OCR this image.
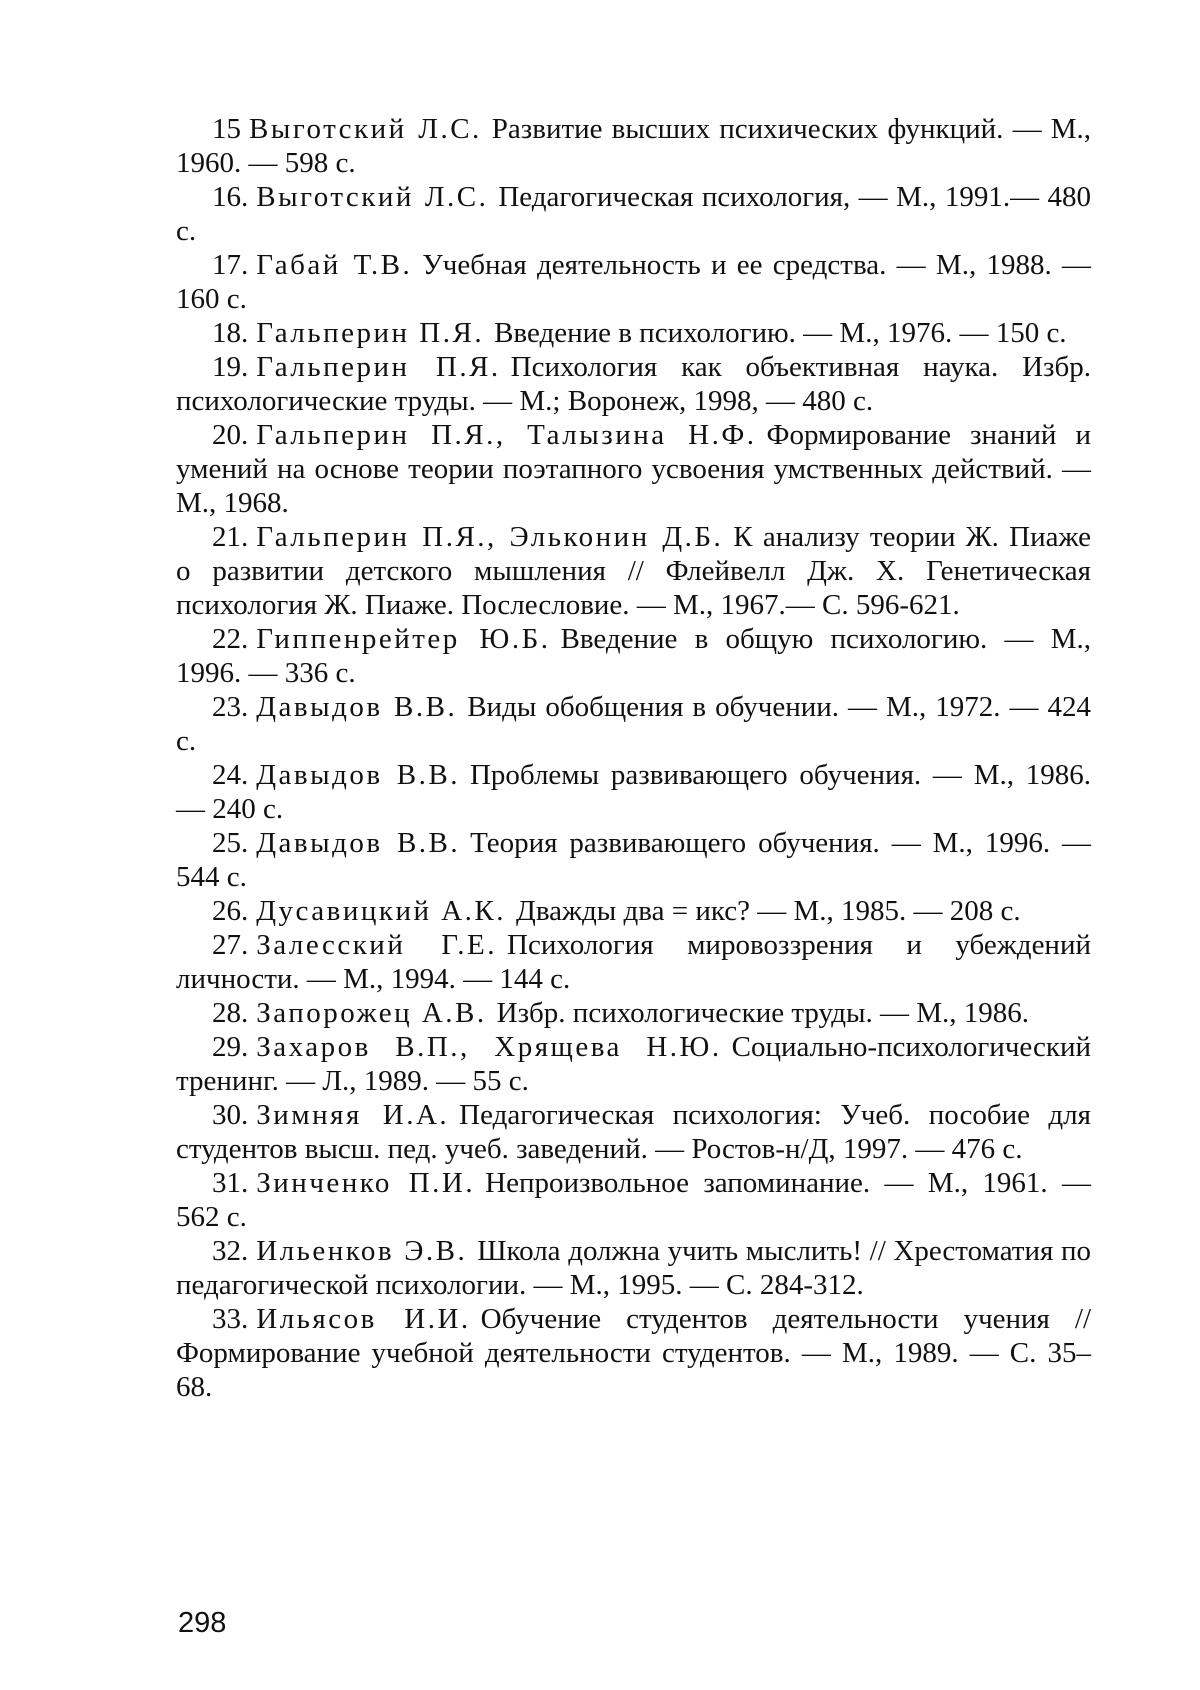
15 Выготский Л.С. Развитие высших психических функций. — М., 1960. — 598 с.
16. Выготский Л.С. Педагогическая психология, — М., 1991.— 480 с.
17. Габай Т.В. Учебная деятельность и ее средства. — М., 1988. — 160 с.
18. Гальперин П.Я. Введение в психологию. — М., 1976. — 150 с.
19. Гальперин П.Я. Психология как объективная наука. Избр. психологические труды. — М.; Воронеж, 1998, — 480 с.
20. Гальперин П.Я., Талызина Н.Ф. Формирование знаний и умений на основе теории поэтапного усвоения умственных действий. — М., 1968.
21. Гальперин П.Я., Эльконин Д.Б. К анализу теории Ж. Пиаже о развитии детского мышления // Флейвелл Дж. Х. Генетическая психология Ж. Пиаже. Послесловие. — М., 1967.— С. 596-621.
22. Гиппенрейтер Ю.Б. Введение в общую психологию. — М., 1996. — 336 с.
23. Давыдов В.В. Виды обобщения в обучении. — М., 1972. — 424 с.
24. Давыдов В.В. Проблемы развивающего обучения. — М., 1986. — 240 с.
25. Давыдов В.В. Теория развивающего обучения. — М., 1996. — 544 с.
26. Дусавицкий А.К. Дважды два = икс? — М., 1985. — 208 с.
27. Залесский Г.Е. Психология мировоззрения и убеждений личности. — М., 1994. — 144 с.
28. Запорожец А.В. Избр. психологические труды. — М., 1986.
29. Захаров В.П., Хрящева Н.Ю. Социально-психологический тренинг. — Л., 1989. — 55 с.
30. Зимняя И.А. Педагогическая психология: Учеб. пособие для студентов высш. пед. учеб. заведений. — Ростов-н/Д, 1997. — 476 с.
31. Зинченко П.И. Непроизвольное запоминание. — М., 1961. — 562 с.
32. Ильенков Э.В. Школа должна учить мыслить! // Хрестоматия по педагогической психологии. — М., 1995. — С. 284-312.
33. Ильясов И.И. Обучение студентов деятельности учения // Формирование учебной деятельности студентов. — М., 1989. — С. 35–68.
298
